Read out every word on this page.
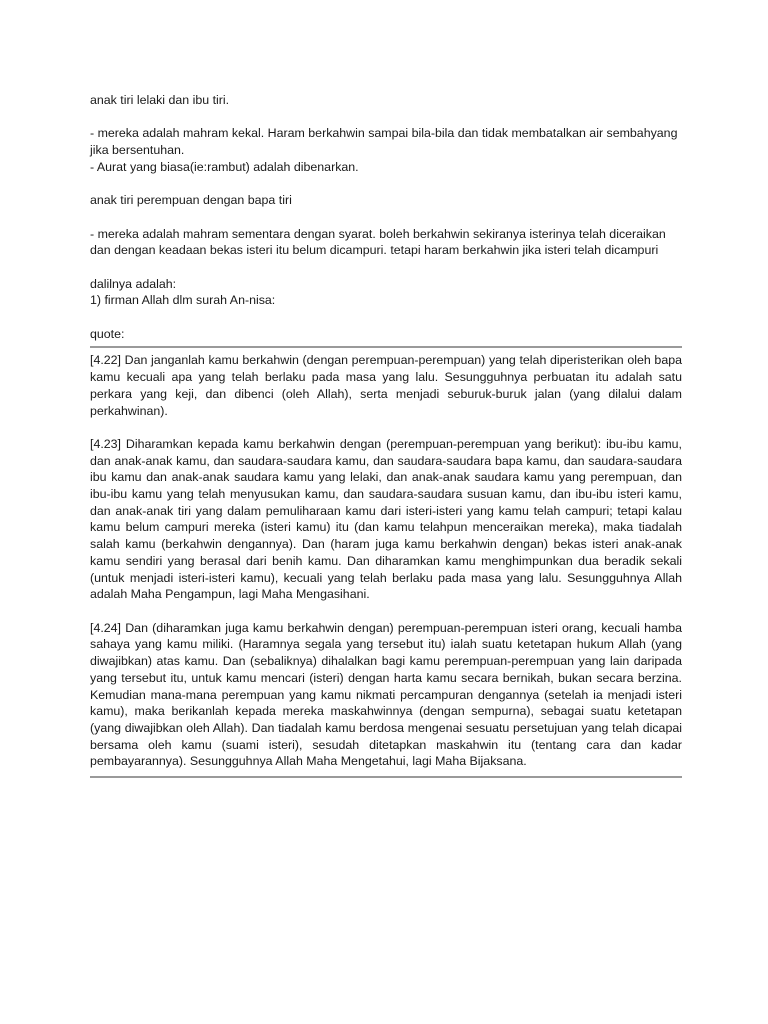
anak tiri lelaki dan ibu tiri.

- mereka adalah mahram kekal. Haram berkahwin sampai bila-bila dan tidak membatalkan air sembahyang jika bersentuhan.

- Aurat yang biasa(ie:rambut) adalah dibenarkan.

anak tiri perempuan dengan bapa tiri

- mereka adalah mahram sementara dengan syarat. boleh berkahwin sekiranya isterinya telah diceraikan dan dengan keadaan bekas isteri itu belum dicampuri. tetapi haram berkahwin jika isteri telah dicampuri

dalilnya adalah:

1) firman Allah dlm surah An-nisa:

quote:

[4.22] Dan janganlah kamu berkahwin (dengan perempuan-perempuan) yang telah diperisterikan oleh bapa kamu kecuali apa yang telah berlaku pada masa yang lalu. Sesungguhnya perbuatan itu adalah satu perkara yang keji, dan dibenci (oleh Allah), serta menjadi seburuk-buruk jalan (yang dilalui dalam perkahwinan).

[4.23] Diharamkan kepada kamu berkahwin dengan (perempuan-perempuan yang berikut): ibu-ibu kamu, dan anak-anak kamu, dan saudara-saudara kamu, dan saudara-saudara bapa kamu, dan saudara-saudara ibu kamu dan anak-anak saudara kamu yang lelaki, dan anak-anak saudara kamu yang perempuan, dan ibu-ibu kamu yang telah menyusukan kamu, dan saudara-saudara susuan kamu, dan ibu-ibu isteri kamu, dan anak-anak tiri yang dalam pemuliharaan kamu dari isteri-isteri yang kamu telah campuri; tetapi kalau kamu belum campuri mereka (isteri kamu) itu (dan kamu telahpun menceraikan mereka), maka tiadalah salah kamu (berkahwin dengannya). Dan (haram juga kamu berkahwin dengan) bekas isteri anak-anak kamu sendiri yang berasal dari benih kamu. Dan diharamkan kamu menghimpunkan dua beradik sekali (untuk menjadi isteri-isteri kamu), kecuali yang telah berlaku pada masa yang lalu. Sesungguhnya Allah adalah Maha Pengampun, lagi Maha Mengasihani.

[4.24] Dan (diharamkan juga kamu berkahwin dengan) perempuan-perempuan isteri orang, kecuali hamba sahaya yang kamu miliki. (Haramnya segala yang tersebut itu) ialah suatu ketetapan hukum Allah (yang diwajibkan) atas kamu. Dan (sebaliknya) dihalalkan bagi kamu perempuan-perempuan yang lain daripada yang tersebut itu, untuk kamu mencari (isteri) dengan harta kamu secara bernikah, bukan secara berzina. Kemudian mana-mana perempuan yang kamu nikmati percampuran dengannya (setelah ia menjadi isteri kamu), maka berikanlah kepada mereka maskahwinnya (dengan sempurna), sebagai suatu ketetapan (yang diwajibkan oleh Allah). Dan tiadalah kamu berdosa mengenai sesuatu persetujuan yang telah dicapai bersama oleh kamu (suami isteri), sesudah ditetapkan maskahwin itu (tentang cara dan kadar pembayarannya). Sesungguhnya Allah Maha Mengetahui, lagi Maha Bijaksana.
